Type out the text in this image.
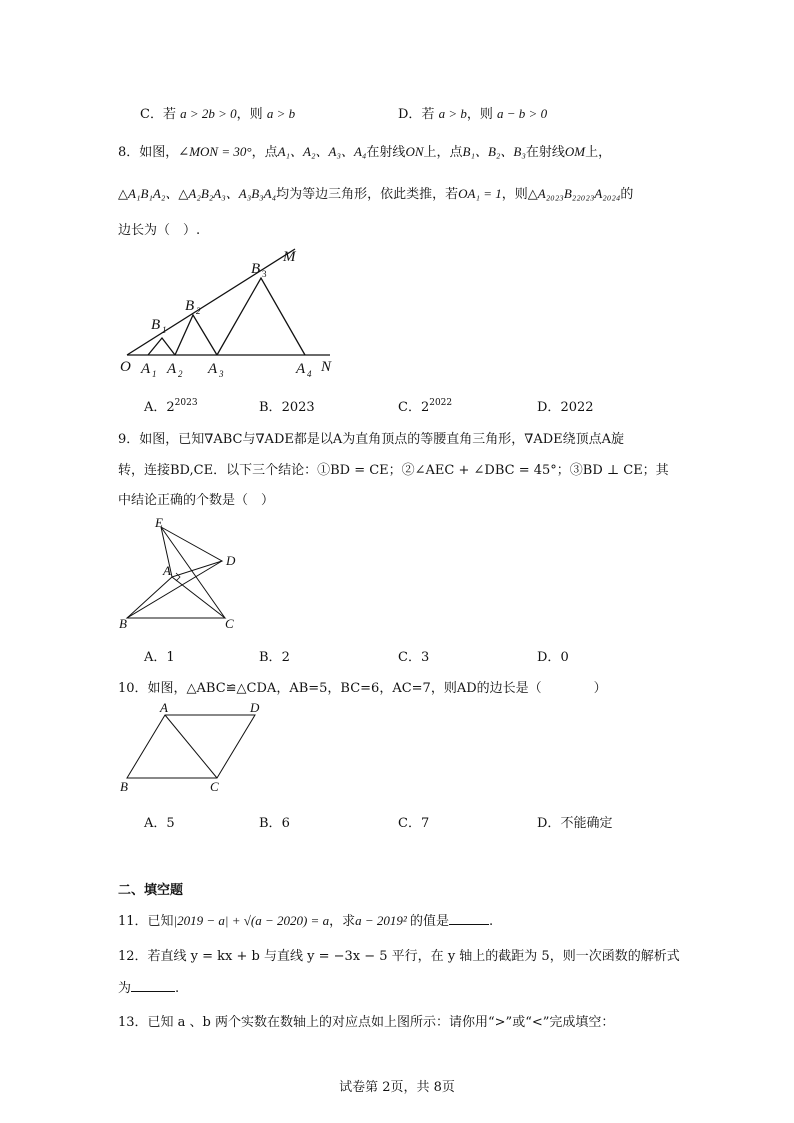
C．若 a > 2b > 0，则 a > b	D．若 a > b，则 a − b > 0
8．如图，∠MON = 30°，点A₁、A₂、A₃、A₄在射线ON上，点B₁、B₂、B₃在射线OM上，
△A₁B₁A₂、△A₂B₂A₃、A₃B₃A₄均为等边三角形，依此类推，若OA₁ = 1，则△A₂₀₂₃B₂₂₀₂₃A₂₀₂₄的
边长为（　）.
O
M
N
B 3
B 2
B 1
A 1 A 2 A 3	A 4
A．$2^{2023}$	B．2023	C．$2^{2022}$	D．2022
9．如图，已知∇ABC与∇ADE都是以A为直角顶点的等腰直角三角形，∇ADE绕顶点A旋
转，连接BD,CE．以下三个结论：①BD = CE；②∠AEC + ∠DBC = 45°；③BD ⊥ CE；其
中结论正确的个数是（　）
E
D
A
B	C
A．1	B．2	C．3	D．0
10．如图，△ABC≌△CDA，AB=5，BC=6，AC=7，则AD的边长是（　　　　）
A	D
B	C
A．5	B．6	C．7	D．不能确定
二、填空题
11．已知|2019 − a| + √(a − 2020) = a，求a − 2019² 的值是	.
12．若直线 y = kx + b 与直线 y = −3x − 5 平行，在 y 轴上的截距为 5，则一次函数的解析式
为	.
13．已知 a 、b 两个实数在数轴上的对应点如上图所示：请你用“>”或“<”完成填空：
试卷第 2页，共 8页
